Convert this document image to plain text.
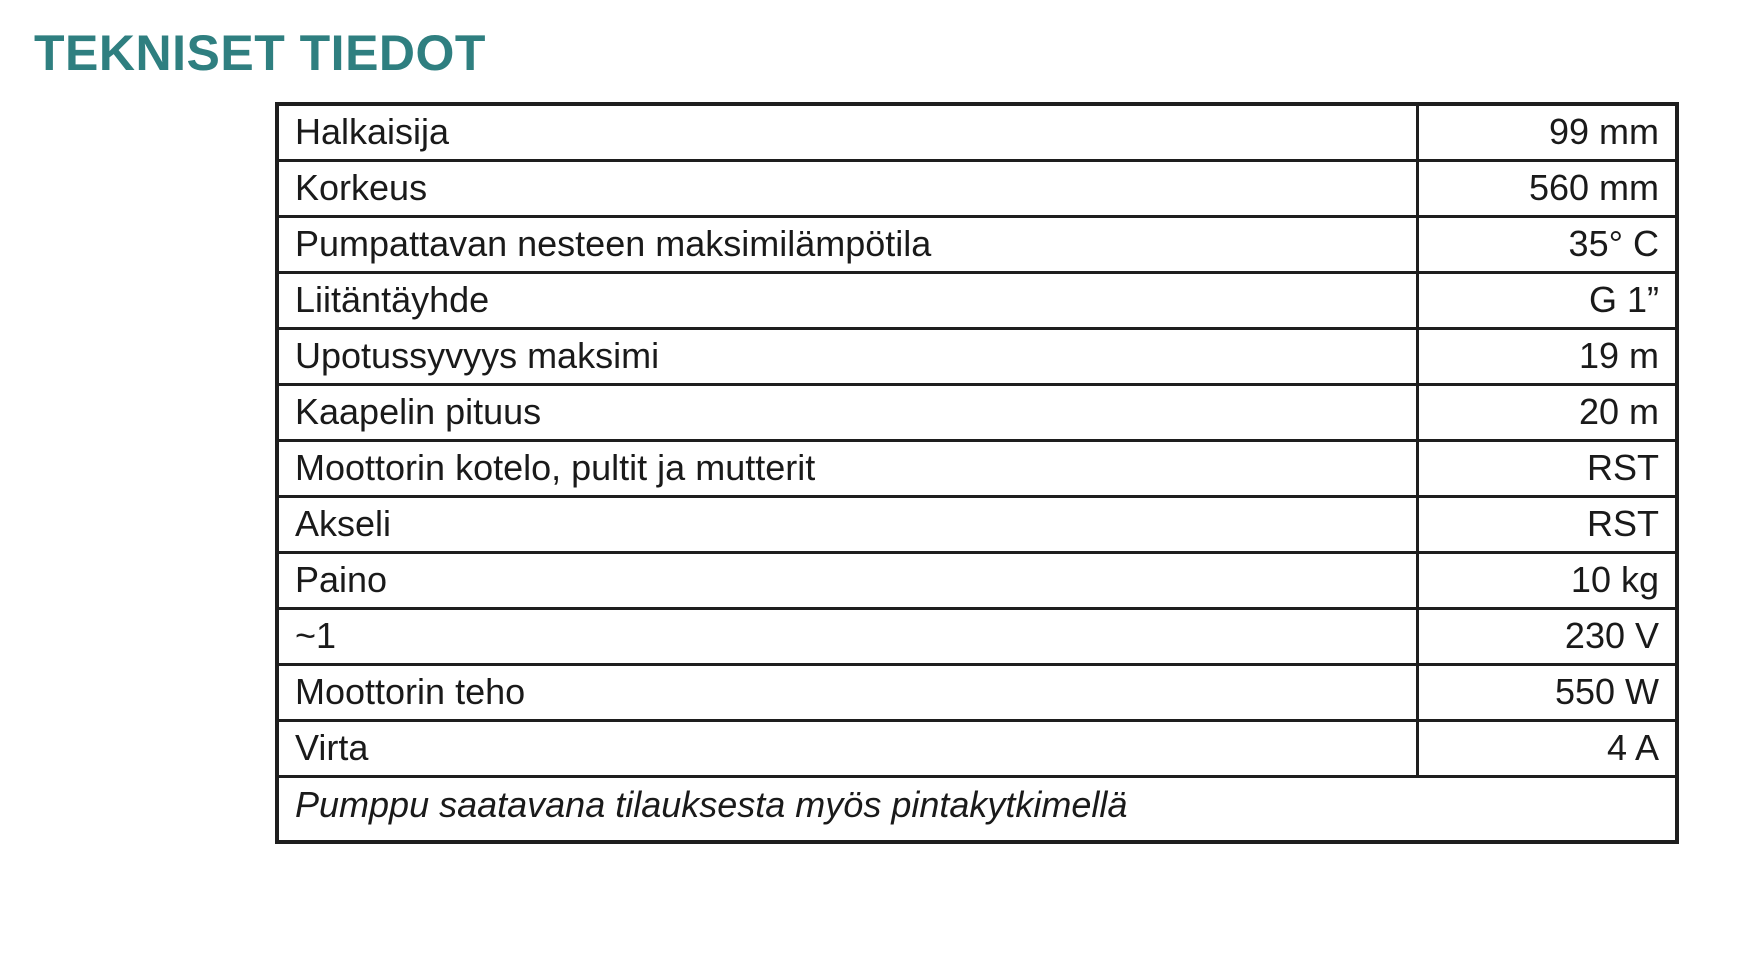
TEKNISET TIEDOT
Halkaisija	99 mm
Korkeus	560 mm
Pumpattavan nesteen maksimilämpötila	35° C
Liitäntäyhde	G 1”
Upotussyvyys maksimi	19 m
Kaapelin pituus	20 m
Moottorin kotelo, pultit ja mutterit	RST
Akseli	RST
Paino	10 kg
~1	230 V
Moottorin teho	550 W
Virta	4 A
Pumppu saatavana tilauksesta myös pintakytkimellä	
